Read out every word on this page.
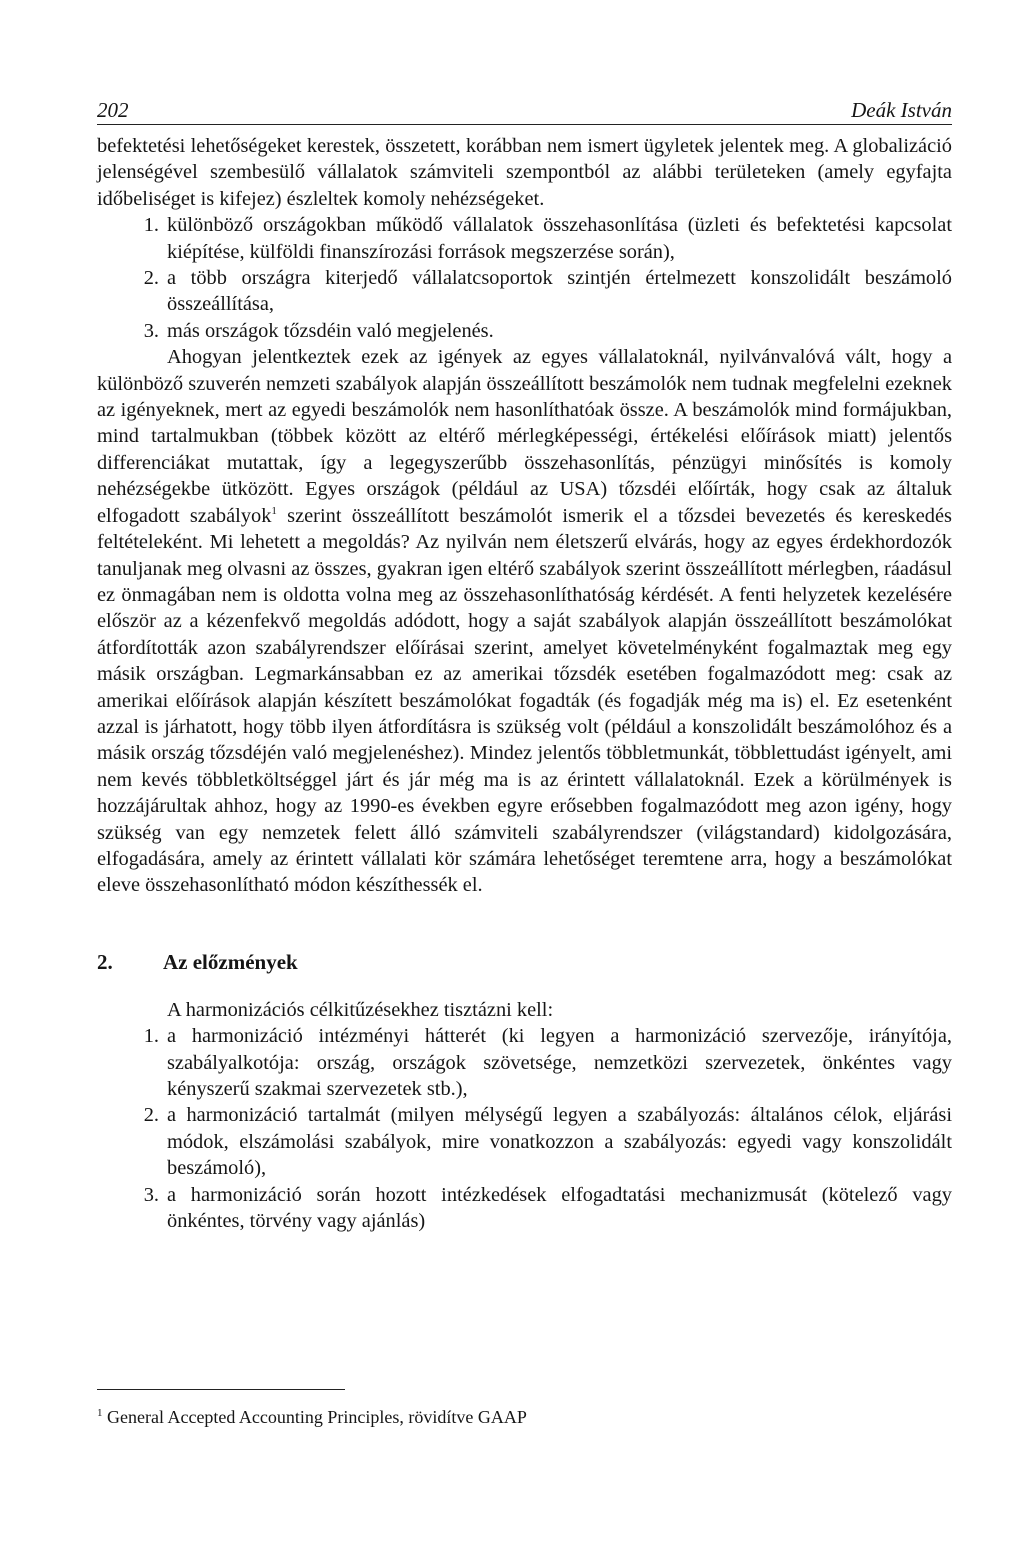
202	Deák István

befektetési lehetőségeket kerestek, összetett, korábban nem ismert ügyletek jelentek meg. A globalizáció jelenségével szembesülő vállalatok számviteli szempontból az alábbi területeken (amely egyfajta időbeliséget is kifejez) észleltek komoly nehézségeket.

1. különböző országokban működő vállalatok összehasonlítása (üzleti és befektetési kapcsolat kiépítése, külföldi finanszírozási források megszerzése során),
2. a több országra kiterjedő vállalatcsoportok szintjén értelmezett konszolidált beszámoló összeállítása,
3. más országok tőzsdéin való megjelenés.

Ahogyan jelentkeztek ezek az igények az egyes vállalatoknál, nyilvánvalóvá vált, hogy a különböző szuverén nemzeti szabályok alapján összeállított beszámolók nem tudnak megfelelni ezeknek az igényeknek, mert az egyedi beszámolók nem hasonlíthatóak össze. A beszámolók mind formájukban, mind tartalmukban (többek között az eltérő mérlegképességi, értékelési előírások miatt) jelentős differenciákat mutattak, így a legegyszerűbb összehasonlítás, pénzügyi minősítés is komoly nehézségekbe ütközött. Egyes országok (például az USA) tőzsdéi előírták, hogy csak az általuk elfogadott szabályok$^1$ szerint összeállított beszámolót ismerik el a tőzsdei bevezetés és kereskedés feltételeként. Mi lehetett a megoldás? Az nyilván nem életszerű elvárás, hogy az egyes érdekhordozók tanuljanak meg olvasni az összes, gyakran igen eltérő szabályok szerint összeállított mérlegben, ráadásul ez önmagában nem is oldotta volna meg az összehasonlíthatóság kérdését. A fenti helyzetek kezelésére először az a kézenfekvő megoldás adódott, hogy a saját szabályok alapján összeállított beszámolókat átfordították azon szabályrendszer előírásai szerint, amelyet követelményként fogalmaztak meg egy másik országban. Legmarkánsabban ez az amerikai tőzsdék esetében fogalmazódott meg: csak az amerikai előírások alapján készített beszámolókat fogadták (és fogadják még ma is) el. Ez esetenként azzal is járhatott, hogy több ilyen átfordításra is szükség volt (például a konszolidált beszámolóhoz és a másik ország tőzsdéjén való megjelenéshez). Mindez jelentős többletmunkát, többlettudást igényelt, ami nem kevés többletköltséggel járt és jár még ma is az érintett vállalatoknál. Ezek a körülmények is hozzájárultak ahhoz, hogy az 1990-es években egyre erősebben fogalmazódott meg azon igény, hogy szükség van egy nemzetek felett álló számviteli szabályrendszer (világstandard) kidolgozására, elfogadására, amely az érintett vállalati kör számára lehetőséget teremtene arra, hogy a beszámolókat eleve összehasonlítható módon készíthessék el.

2.	Az előzmények

A harmonizációs célkitűzésekhez tisztázni kell:

1. a harmonizáció intézményi hátterét (ki legyen a harmonizáció szervezője, irányítója, szabályalkotója: ország, országok szövetsége, nemzetközi szervezetek, önkéntes vagy kényszerű szakmai szervezetek stb.),
2. a harmonizáció tartalmát (milyen mélységű legyen a szabályozás: általános célok, eljárási módok, elszámolási szabályok, mire vonatkozzon a szabályozás: egyedi vagy konszolidált beszámoló),
3. a harmonizáció során hozott intézkedések elfogadtatási mechanizmusát (kötelező vagy önkéntes, törvény vagy ajánlás)
$^1$ General Accepted Accounting Principles, rövidítve GAAP
